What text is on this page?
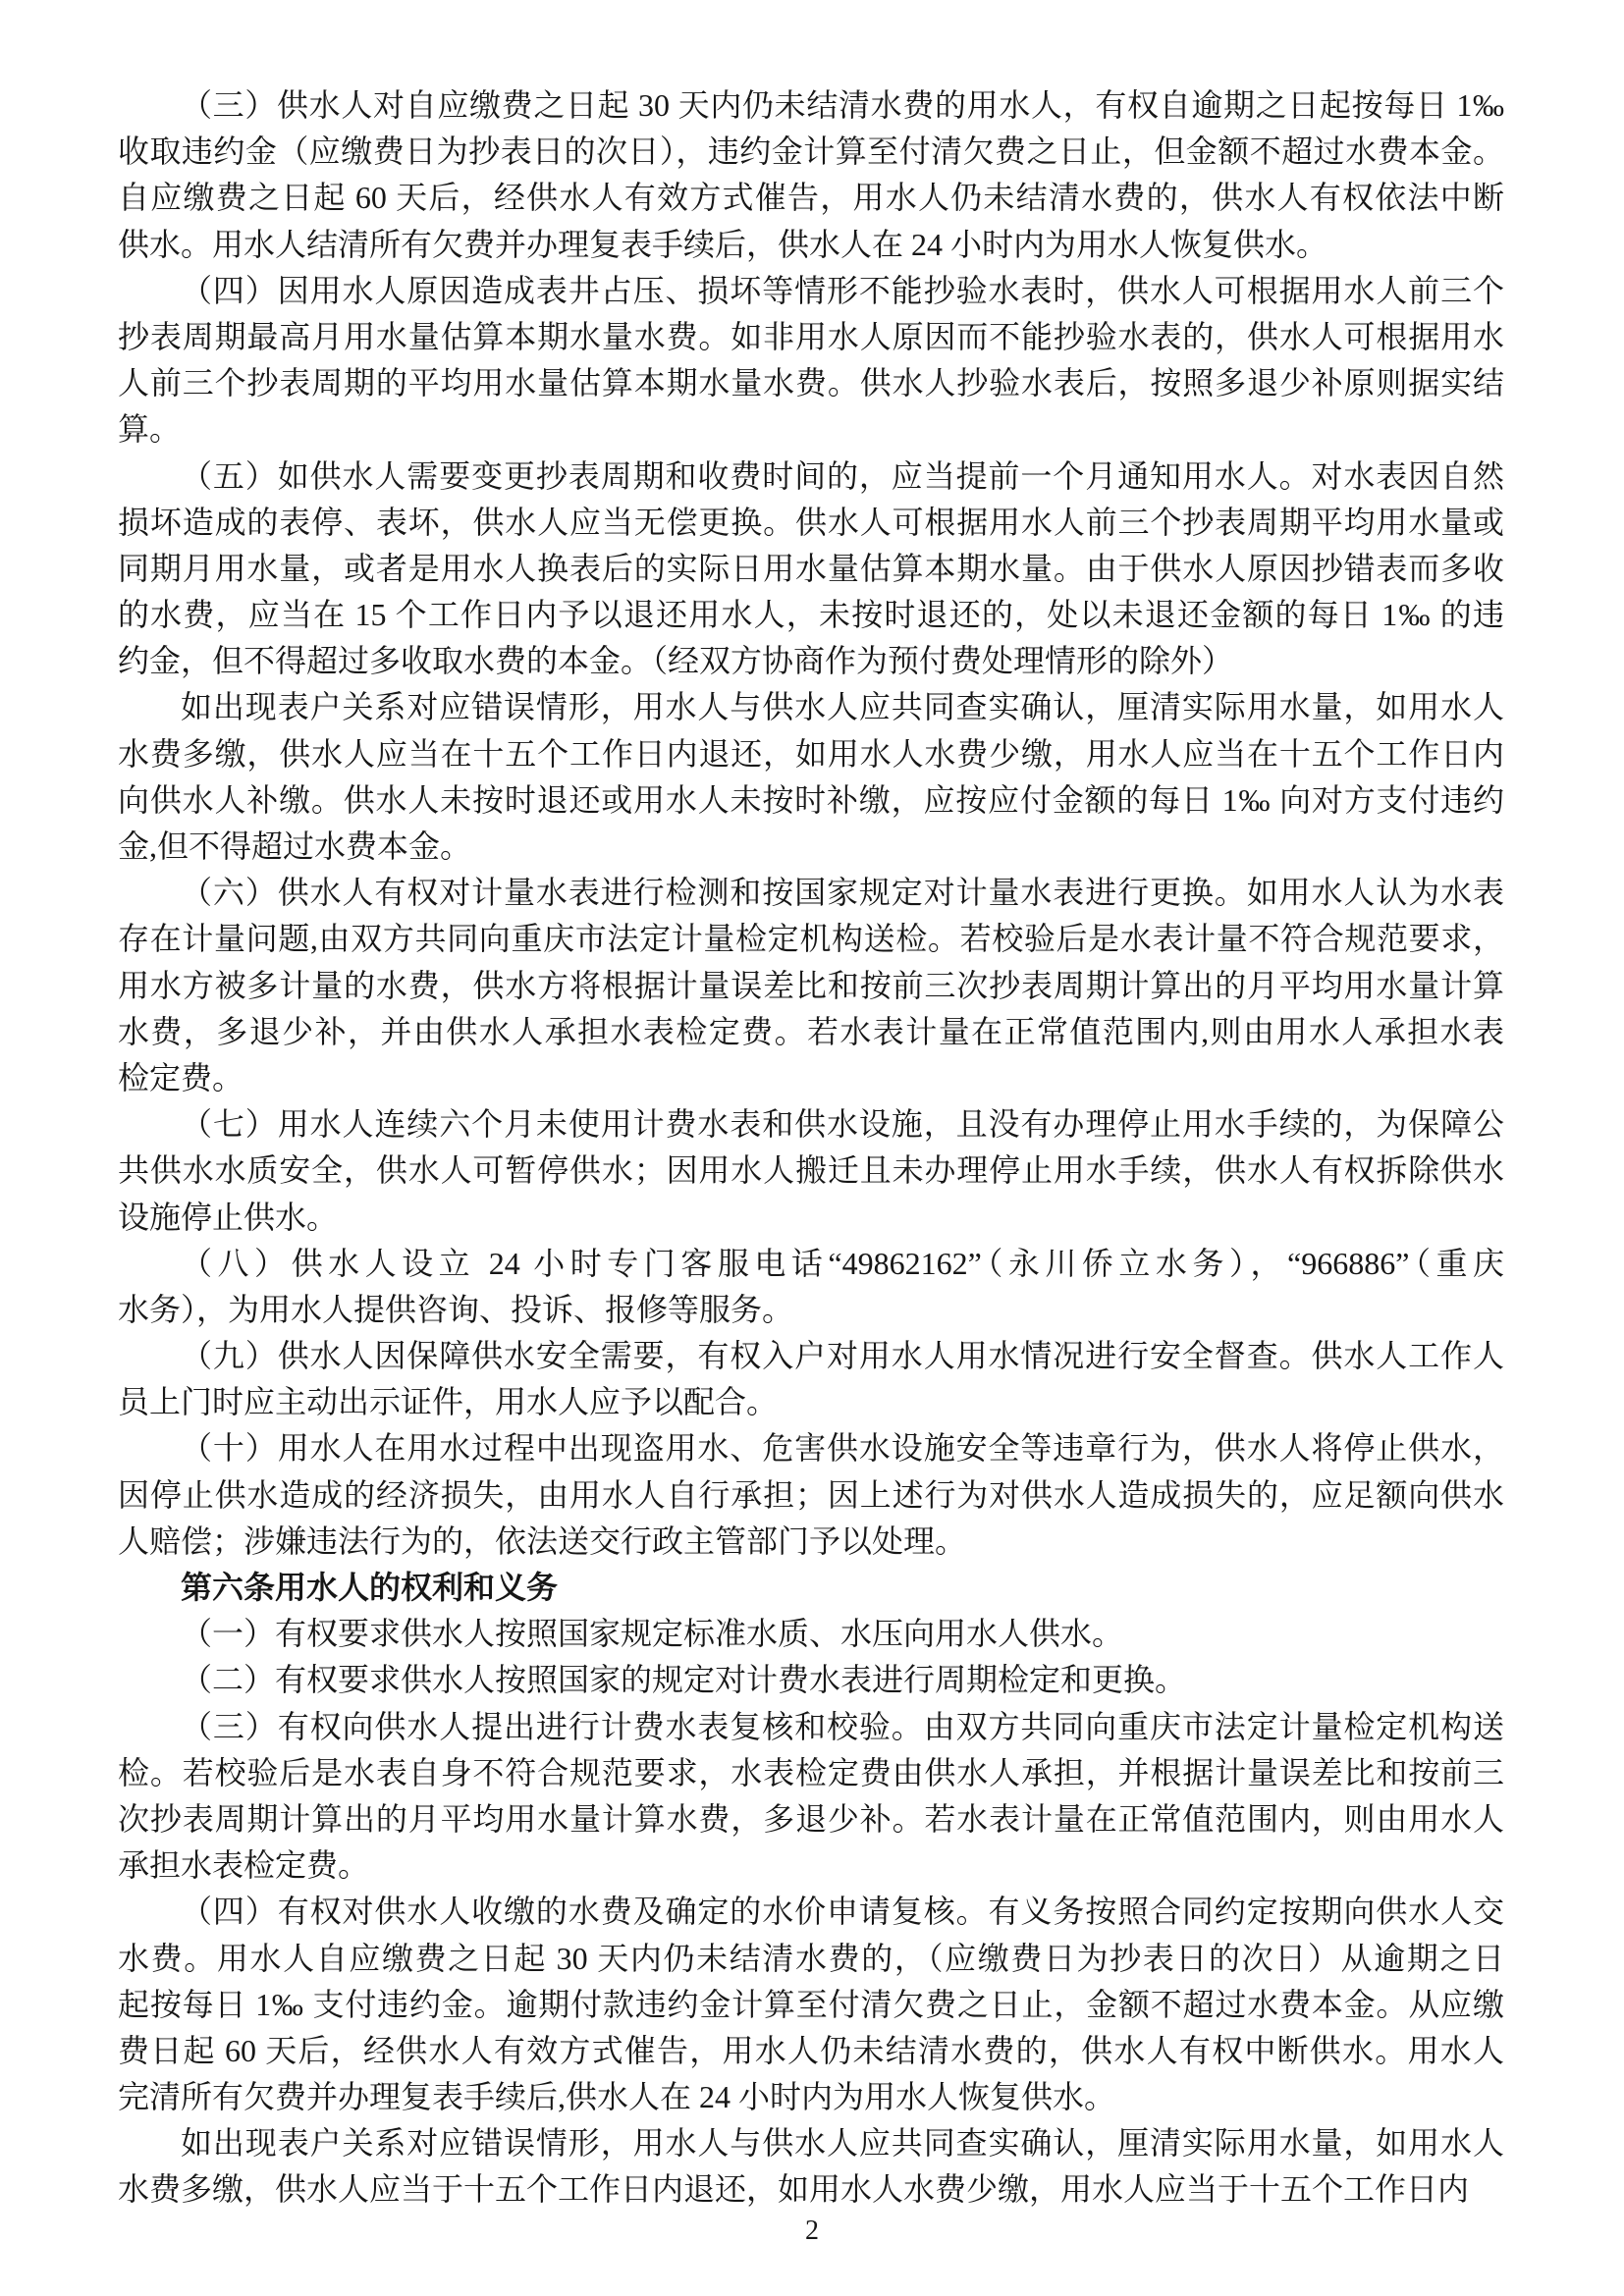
（三）供水人对自应缴费之日起 30 天内仍未结清水费的用水人，有权自逾期之日起按每日 1‰
收取违约金（应缴费日为抄表日的次日），违约金计算至付清欠费之日止，但金额不超过水费本金。
自应缴费之日起 60 天后，经供水人有效方式催告，用水人仍未结清水费的，供水人有权依法中断
供水。用水人结清所有欠费并办理复表手续后，供水人在 24 小时内为用水人恢复供水。
（四）因用水人原因造成表井占压、损坏等情形不能抄验水表时，供水人可根据用水人前三个
抄表周期最高月用水量估算本期水量水费。如非用水人原因而不能抄验水表的，供水人可根据用水
人前三个抄表周期的平均用水量估算本期水量水费。供水人抄验水表后，按照多退少补原则据实结
算。
（五）如供水人需要变更抄表周期和收费时间的，应当提前一个月通知用水人。对水表因自然
损坏造成的表停、表坏，供水人应当无偿更换。供水人可根据用水人前三个抄表周期平均用水量或
同期月用水量，或者是用水人换表后的实际日用水量估算本期水量。由于供水人原因抄错表而多收
的水费，应当在 15 个工作日内予以退还用水人，未按时退还的，处以未退还金额的每日 1‰ 的违
约金，但不得超过多收取水费的本金。（经双方协商作为预付费处理情形的除外）
如出现表户关系对应错误情形，用水人与供水人应共同查实确认，厘清实际用水量，如用水人
水费多缴，供水人应当在十五个工作日内退还，如用水人水费少缴，用水人应当在十五个工作日内
向供水人补缴。供水人未按时退还或用水人未按时补缴，应按应付金额的每日 1‰ 向对方支付违约
金,但不得超过水费本金。
（六）供水人有权对计量水表进行检测和按国家规定对计量水表进行更换。如用水人认为水表
存在计量问题,由双方共同向重庆市法定计量检定机构送检。若校验后是水表计量不符合规范要求，
用水方被多计量的水费，供水方将根据计量误差比和按前三次抄表周期计算出的月平均用水量计算
水费，多退少补，并由供水人承担水表检定费。若水表计量在正常值范围内,则由用水人承担水表
检定费。
（七）用水人连续六个月未使用计费水表和供水设施，且没有办理停止用水手续的，为保障公
共供水水质安全，供水人可暂停供水；因用水人搬迁且未办理停止用水手续，供水人有权拆除供水
设施停止供水。
（八）供水人设立 24 小时专门客服电话“49862162”（永川侨立水务），“966886”（重庆
水务），为用水人提供咨询、投诉、报修等服务。
（九）供水人因保障供水安全需要，有权入户对用水人用水情况进行安全督查。供水人工作人
员上门时应主动出示证件，用水人应予以配合。
（十）用水人在用水过程中出现盗用水、危害供水设施安全等违章行为，供水人将停止供水，
因停止供水造成的经济损失，由用水人自行承担；因上述行为对供水人造成损失的，应足额向供水
人赔偿；涉嫌违法行为的，依法送交行政主管部门予以处理。
第六条用水人的权利和义务
（一）有权要求供水人按照国家规定标准水质、水压向用水人供水。
（二）有权要求供水人按照国家的规定对计费水表进行周期检定和更换。
（三）有权向供水人提出进行计费水表复核和校验。由双方共同向重庆市法定计量检定机构送
检。若校验后是水表自身不符合规范要求，水表检定费由供水人承担，并根据计量误差比和按前三
次抄表周期计算出的月平均用水量计算水费，多退少补。若水表计量在正常值范围内，则由用水人
承担水表检定费。
（四）有权对供水人收缴的水费及确定的水价申请复核。有义务按照合同约定按期向供水人交
水费。用水人自应缴费之日起 30 天内仍未结清水费的，（应缴费日为抄表日的次日）从逾期之日
起按每日 1‰ 支付违约金。逾期付款违约金计算至付清欠费之日止，金额不超过水费本金。从应缴
费日起 60 天后，经供水人有效方式催告，用水人仍未结清水费的，供水人有权中断供水。用水人
完清所有欠费并办理复表手续后,供水人在 24 小时内为用水人恢复供水。
如出现表户关系对应错误情形，用水人与供水人应共同查实确认，厘清实际用水量，如用水人
水费多缴，供水人应当于十五个工作日内退还，如用水人水费少缴，用水人应当于十五个工作日内
2
